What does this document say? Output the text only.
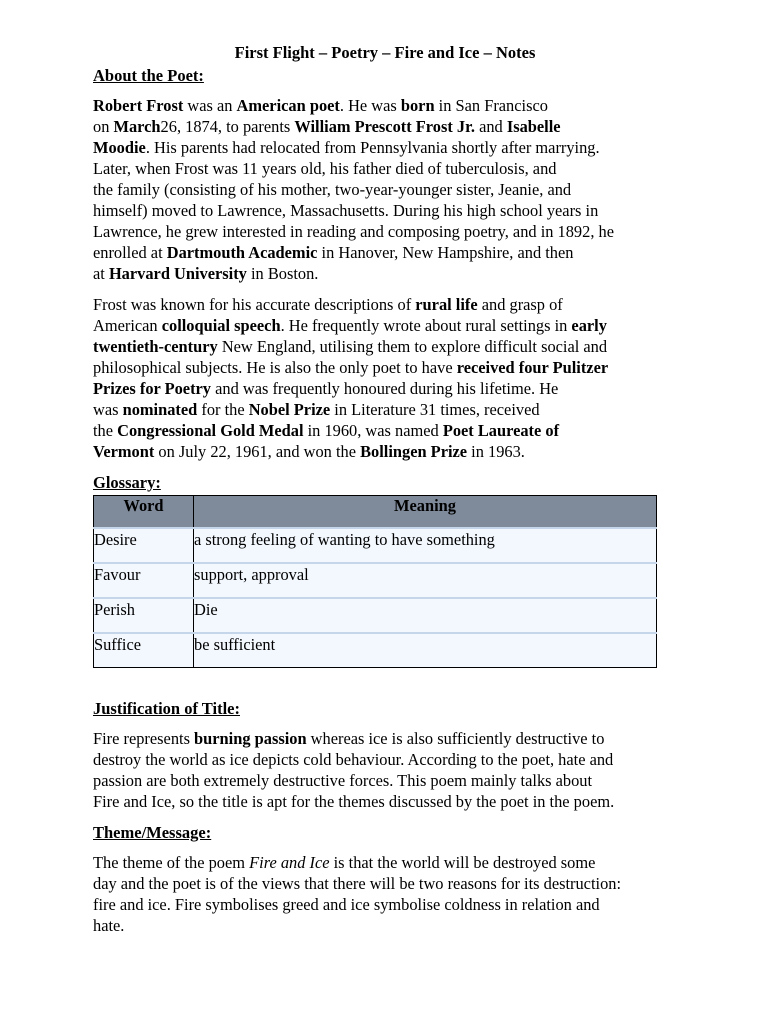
First Flight – Poetry – Fire and Ice – Notes
About the Poet:
Robert Frost was an American poet. He was born in San Francisco
on March26, 1874, to parents William Prescott Frost Jr. and Isabelle
Moodie. His parents had relocated from Pennsylvania shortly after marrying.
Later, when Frost was 11 years old, his father died of tuberculosis, and
the family (consisting of his mother, two-year-younger sister, Jeanie, and
himself) moved to Lawrence, Massachusetts. During his high school years in
Lawrence, he grew interested in reading and composing poetry, and in 1892, he
enrolled at Dartmouth Academic in Hanover, New Hampshire, and then
at Harvard University in Boston.
Frost was known for his accurate descriptions of rural life and grasp of
American colloquial speech. He frequently wrote about rural settings in early
twentieth-century New England, utilising them to explore difficult social and
philosophical subjects. He is also the only poet to have received four Pulitzer
Prizes for Poetry and was frequently honoured during his lifetime. He
was nominated for the Nobel Prize in Literature 31 times, received
the Congressional Gold Medal in 1960, was named Poet Laureate of
Vermont on July 22, 1961, and won the Bollingen Prize in 1963.
Glossary:
Word	Meaning
Desire	a strong feeling of wanting to have something
Favour	support, approval
Perish	Die
Suffice	be sufficient
Justification of Title:
Fire represents burning passion whereas ice is also sufficiently destructive to
destroy the world as ice depicts cold behaviour. According to the poet, hate and
passion are both extremely destructive forces. This poem mainly talks about
Fire and Ice, so the title is apt for the themes discussed by the poet in the poem.
Theme/Message:
The theme of the poem Fire and Ice is that the world will be destroyed some
day and the poet is of the views that there will be two reasons for its destruction:
fire and ice. Fire symbolises greed and ice symbolise coldness in relation and
hate.
